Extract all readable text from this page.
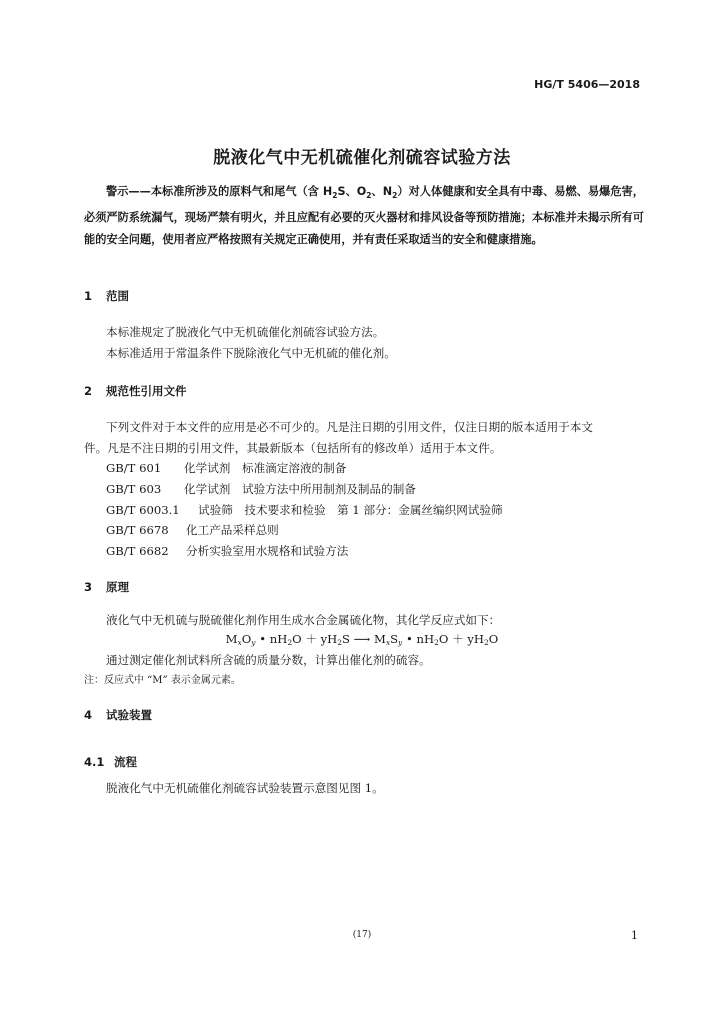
HG/T 5406—2018
脱液化气中无机硫催化剂硫容试验方法
警示——本标准所涉及的原料气和尾气（含 $H_2S$、$O_2$、$N_2$）对人体健康和安全具有中毒、易燃、易爆危害，必须严防系统漏气，现场严禁有明火，并且应配有必要的灭火器材和排风设备等预防措施；本标准并未揭示所有可能的安全问题，使用者应严格按照有关规定正确使用，并有责任采取适当的安全和健康措施。
1 范围
本标准规定了脱液化气中无机硫催化剂硫容试验方法。
本标准适用于常温条件下脱除液化气中无机硫的催化剂。
2 规范性引用文件
下列文件对于本文件的应用是必不可少的。凡是注日期的引用文件，仅注日期的版本适用于本文
件。凡是不注日期的引用文件，其最新版本（包括所有的修改单）适用于本文件。
GB/T 601 化学试剂　标准滴定溶液的制备
GB/T 603 化学试剂　试验方法中所用制剂及制品的制备
GB/T 6003.1 试验筛　技术要求和检验　第 1 部分：金属丝编织网试验筛
GB/T 6678 化工产品采样总则
GB/T 6682 分析实验室用水规格和试验方法
3 原理
液化气中无机硫与脱硫催化剂作用生成水合金属硫化物，其化学反应式如下：
$M_xO_y$ • $nH_2O + yH_2S$ ⟶ $M_xS_y$ • $nH_2O + yH_2O$
通过测定催化剂试料所含硫的质量分数，计算出催化剂的硫容。
注：反应式中 “M” 表示金属元素。
4 试验装置
4.1 流程
脱液化气中无机硫催化剂硫容试验装置示意图见图 1。
(17)	1
